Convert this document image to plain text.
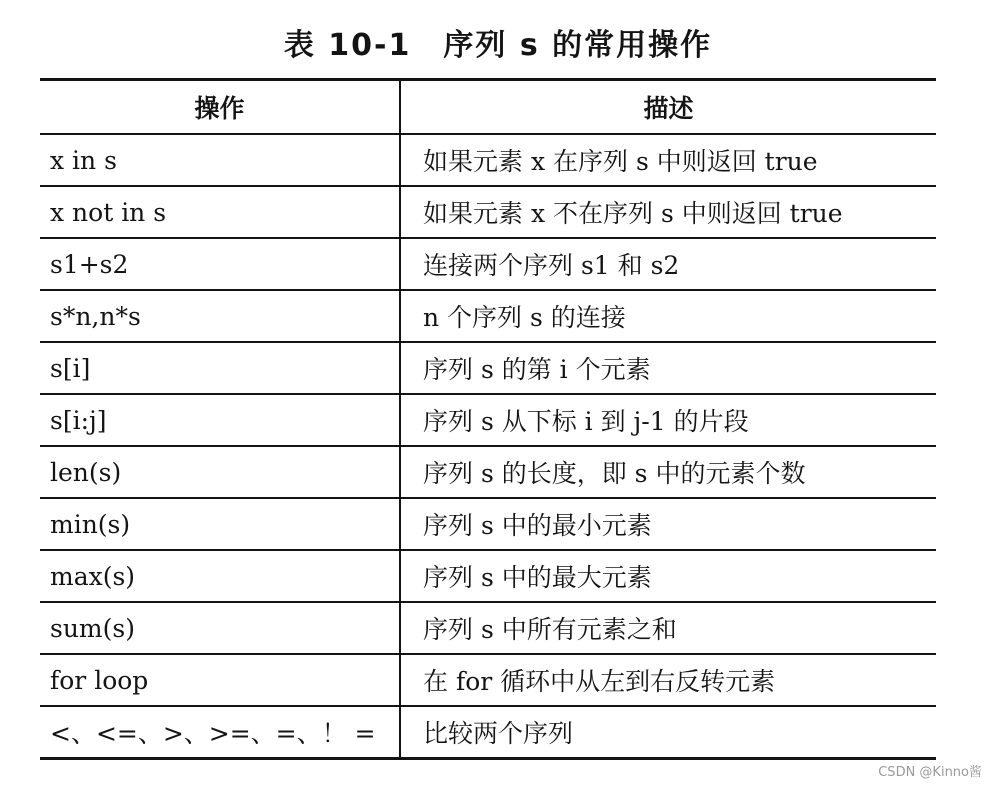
表 10-1　序列 s 的常用操作
操作	描述
x in s	如果元素 x 在序列 s 中则返回 true
x not in s	如果元素 x 不在序列 s 中则返回 true
s1+s2	连接两个序列 s1 和 s2
s*n,n*s	n 个序列 s 的连接
s[i]	序列 s 的第 i 个元素
s[i:j]	序列 s 从下标 i 到 j-1 的片段
len(s)	序列 s 的长度，即 s 中的元素个数
min(s)	序列 s 中的最小元素
max(s)	序列 s 中的最大元素
sum(s)	序列 s 中所有元素之和
for loop	在 for 循环中从左到右反转元素
<、<=、>、>=、=、！ =	比较两个序列
CSDN @Kinno酱
